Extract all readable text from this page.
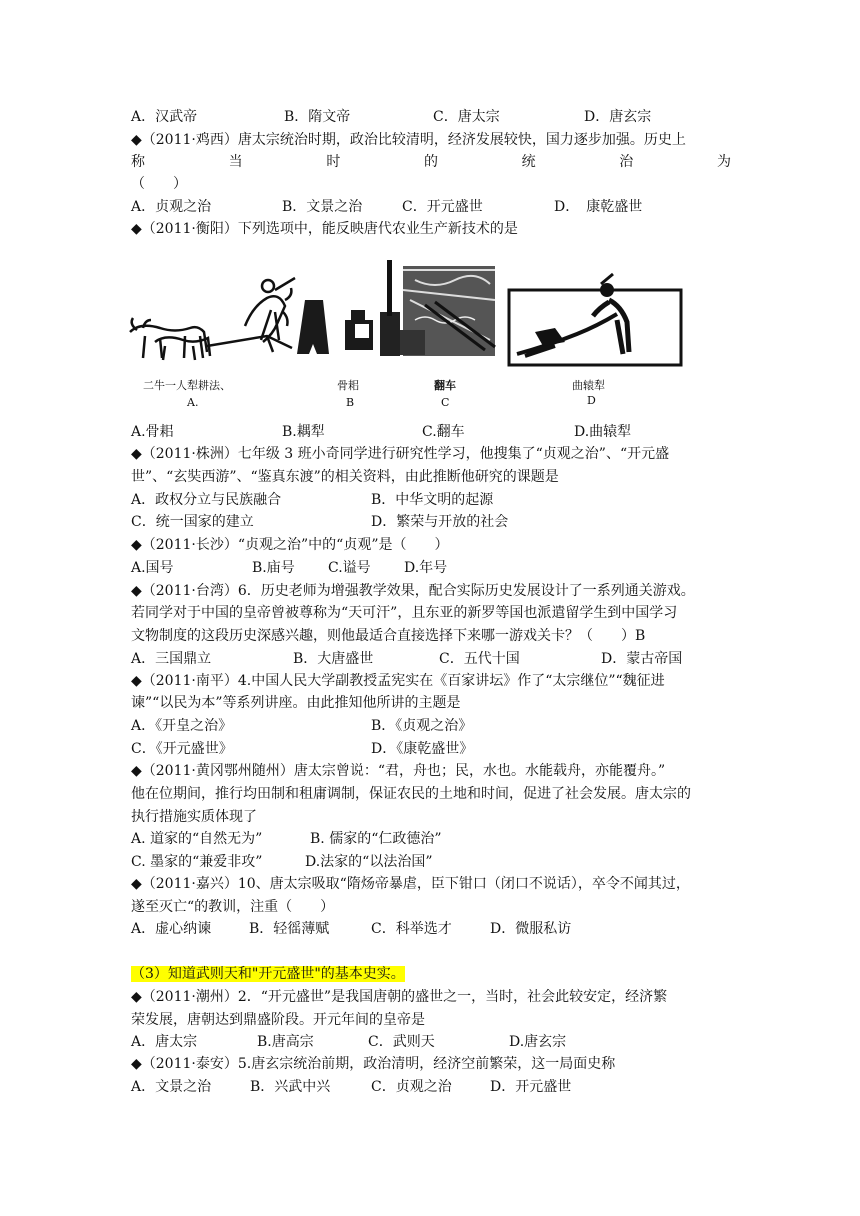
A．汉武帝	B．隋文帝	C．唐太宗	D．唐玄宗
◆（2011·鸡西）唐太宗统治时期，政治比较清明，经济发展较快，国力逐步加强。历史上
称	当	时	的	统	治	为
（　　）
A．贞观之治	B．文景之治	C．开元盛世	D．　康乾盛世
◆（2011·衡阳）下列选项中，能反映唐代农业生产新技术的是
二牛一人犁耕法、	骨耜	翻车	曲辕犁
A.	B	C	D
A.骨耜	B.耦犁	C.翻车	D.曲辕犁
◆（2011·株洲）七年级 3 班小奇同学进行研究性学习，他搜集了“贞观之治”、“开元盛
世”、“玄奘西游”、“鉴真东渡”的相关资料，由此推断他研究的课题是
A．政权分立与民族融合	B．中华文明的起源
C．统一国家的建立	D．繁荣与开放的社会
◆（2011·长沙）“贞观之治”中的“贞观”是（　　）
A.国号	B.庙号 C.谥号 D.年号
◆（2011·台湾）6．历史老师为增强教学效果，配合实际历史发展设计了一系列通关游戏。
若同学对于中国的皇帝曾被尊称为“天可汗”，且东亚的新罗等国也派遣留学生到中国学习
文物制度的这段历史深感兴趣，则他最适合直接选择下来哪一游戏关卡？（　　）B
A．三国鼎立	B．大唐盛世	C．五代十国	D．蒙古帝国
◆（2011·南平）4.中国人民大学副教授孟宪实在《百家讲坛》作了“太宗继位”“魏征进
谏”“以民为本”等系列讲座。由此推知他所讲的主题是
A．《开皇之治》	B．《贞观之治》
C．《开元盛世》	D．《康乾盛世》
◆（2011·黄冈鄂州随州）唐太宗曾说：“君，舟也；民，水也。水能载舟，亦能覆舟。”
他在位期间，推行均田制和租庸调制，保证农民的土地和时间，促进了社会发展。唐太宗的
执行措施实质体现了
A. 道家的“自然无为”	B. 儒家的“仁政德治”
C. 墨家的“兼爱非攻”	D.法家的“以法治国”
◆（2011·嘉兴）10、唐太宗吸取“隋炀帝暴虐，臣下钳口（闭口不说话），卒令不闻其过，
遂至灭亡“的教训，注重（　　）
A．虚心纳谏	B．轻徭薄赋	C．科举选才	D．微服私访
（3）知道武则天和"开元盛世"的基本史实。
◆（2011·潮州）2．“开元盛世”是我国唐朝的盛世之一，当时，社会此较安定，经济繁
荣发展，唐朝达到鼎盛阶段。开元年间的皇帝是
A．唐太宗	B.唐高宗	C．武则天	D.唐玄宗
◆（2011·泰安）5.唐玄宗统治前期，政治清明，经济空前繁荣，这一局面史称
A．文景之治	B．兴武中兴	C．贞观之治	D．开元盛世
